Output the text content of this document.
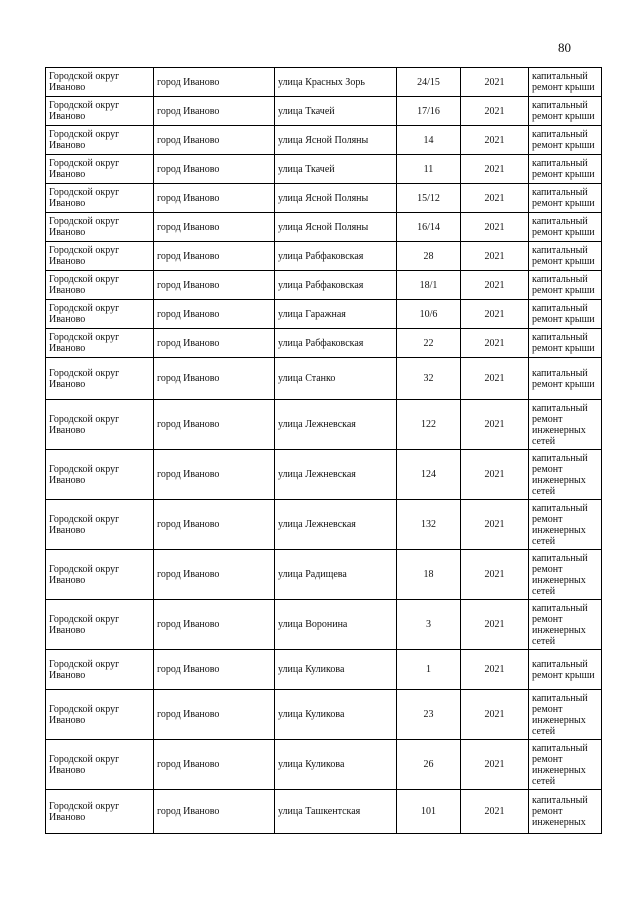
80
Городской округ Иваново	город Иваново	улица Красных Зорь	24/15	2021	капитальный ремонт крыши
Городской округ Иваново	город Иваново	улица Ткачей	17/16	2021	капитальный ремонт крыши
Городской округ Иваново	город Иваново	улица Ясной Поляны	14	2021	капитальный ремонт крыши
Городской округ Иваново	город Иваново	улица Ткачей	11	2021	капитальный ремонт крыши
Городской округ Иваново	город Иваново	улица Ясной Поляны	15/12	2021	капитальный ремонт крыши
Городской округ Иваново	город Иваново	улица Ясной Поляны	16/14	2021	капитальный ремонт крыши
Городской округ Иваново	город Иваново	улица Рабфаковская	28	2021	капитальный ремонт крыши
Городской округ Иваново	город Иваново	улица Рабфаковская	18/1	2021	капитальный ремонт крыши
Городской округ Иваново	город Иваново	улица Гаражная	10/6	2021	капитальный ремонт крыши
Городской округ Иваново	город Иваново	улица Рабфаковская	22	2021	капитальный ремонт крыши
Городской округ Иваново	город Иваново	улица Станко	32	2021	капитальный ремонт крыши
Городской округ Иваново	город Иваново	улица Лежневская	122	2021	капитальный ремонт инженерных сетей
Городской округ Иваново	город Иваново	улица Лежневская	124	2021	капитальный ремонт инженерных сетей
Городской округ Иваново	город Иваново	улица Лежневская	132	2021	капитальный ремонт инженерных сетей
Городской округ Иваново	город Иваново	улица Радищева	18	2021	капитальный ремонт инженерных сетей
Городской округ Иваново	город Иваново	улица Воронина	3	2021	капитальный ремонт инженерных сетей
Городской округ Иваново	город Иваново	улица Куликова	1	2021	капитальный ремонт крыши
Городской округ Иваново	город Иваново	улица Куликова	23	2021	капитальный ремонт инженерных сетей
Городской округ Иваново	город Иваново	улица Куликова	26	2021	капитальный ремонт инженерных сетей
Городской округ Иваново	город Иваново	улица Ташкентская	101	2021	капитальный ремонт инженерных
